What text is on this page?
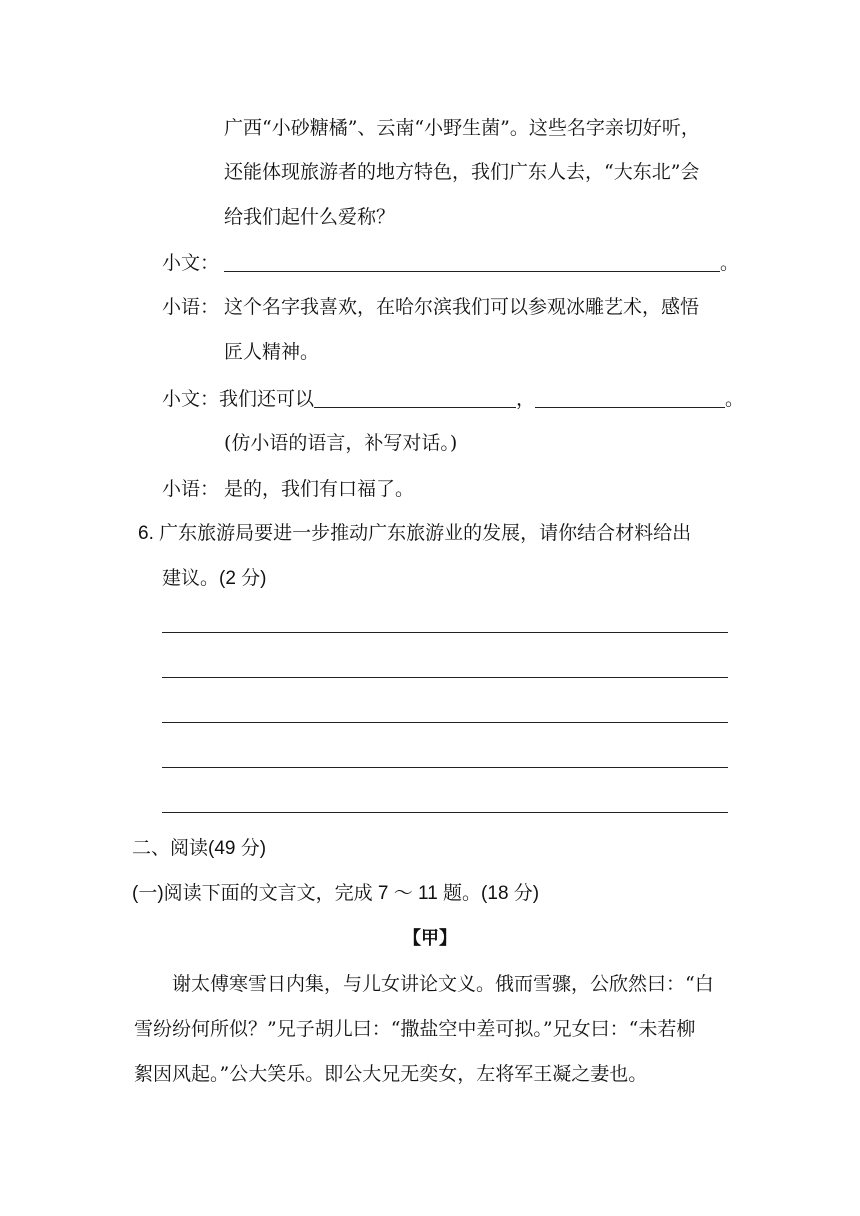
广西“小砂糖橘”、云南“小野生菌”。这些名字亲切好听，
还能体现旅游者的地方特色，我们广东人去，“大东北”会
给我们起什么爱称？
小文：	。
小语： 这个名字我喜欢，在哈尔滨我们可以参观冰雕艺术，感悟
匠人精神。
小文：我们还可以	，	。
(仿小语的语言，补写对话。)
小语： 是的，我们有口福了。
6. 广东旅游局要进一步推动广东旅游业的发展，请你结合材料给出
建议。(2 分)
二、阅读(49 分)
(一)阅读下面的文言文，完成 7 ～ 11 题。(18 分)
【甲】
谢太傅寒雪日内集，与儿女讲论文义。俄而雪骤，公欣然曰：“白
雪纷纷何所似？”兄子胡儿曰：“撒盐空中差可拟。”兄女曰：“未若柳
絮因风起。”公大笑乐。即公大兄无奕女，左将军王凝之妻也。
